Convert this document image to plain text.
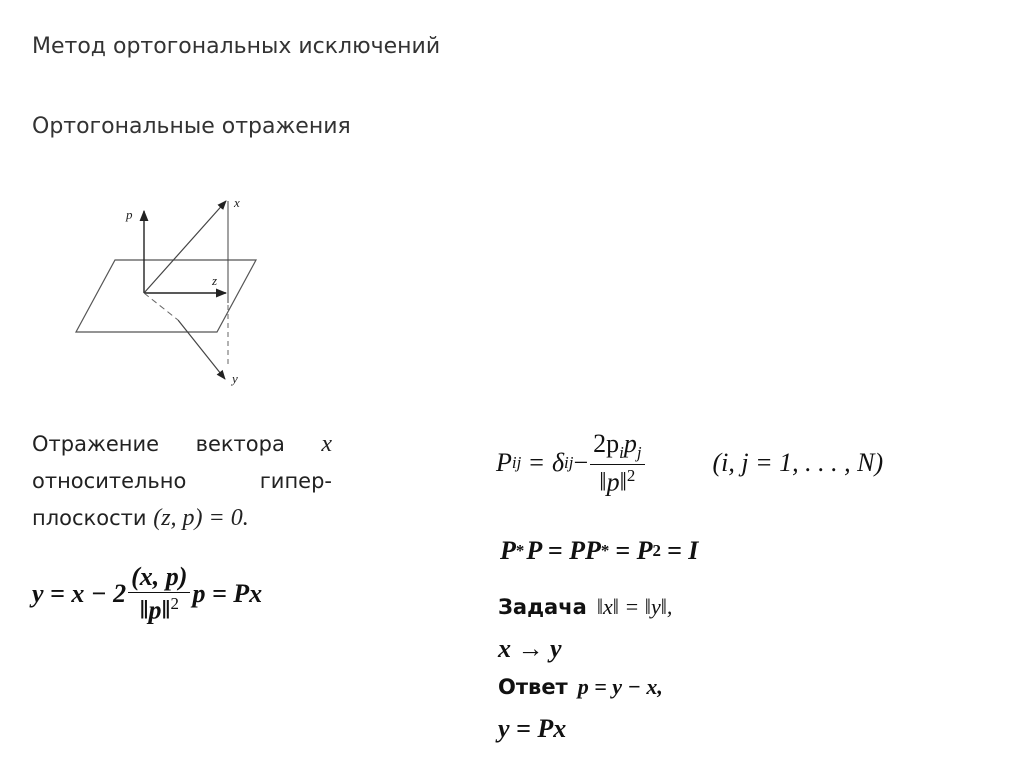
Метод ортогональных исключений
Ортогональные отражения
p
x
z
y
Отражение вектора x
относительно гипер-
плоскости (z, p) = 0.
$y = x - 2 \frac{(x, p)}{‖p‖^2}$ p = Px
P ij = δ ij − $\frac{2p_ip_j}{‖p‖^2}$	(i, j = 1, . . . , N)
P * P = PP * = P 2 = I
Задача ‖x‖ = ‖y‖,
x → y
Ответ p = y − x,
y = Px
